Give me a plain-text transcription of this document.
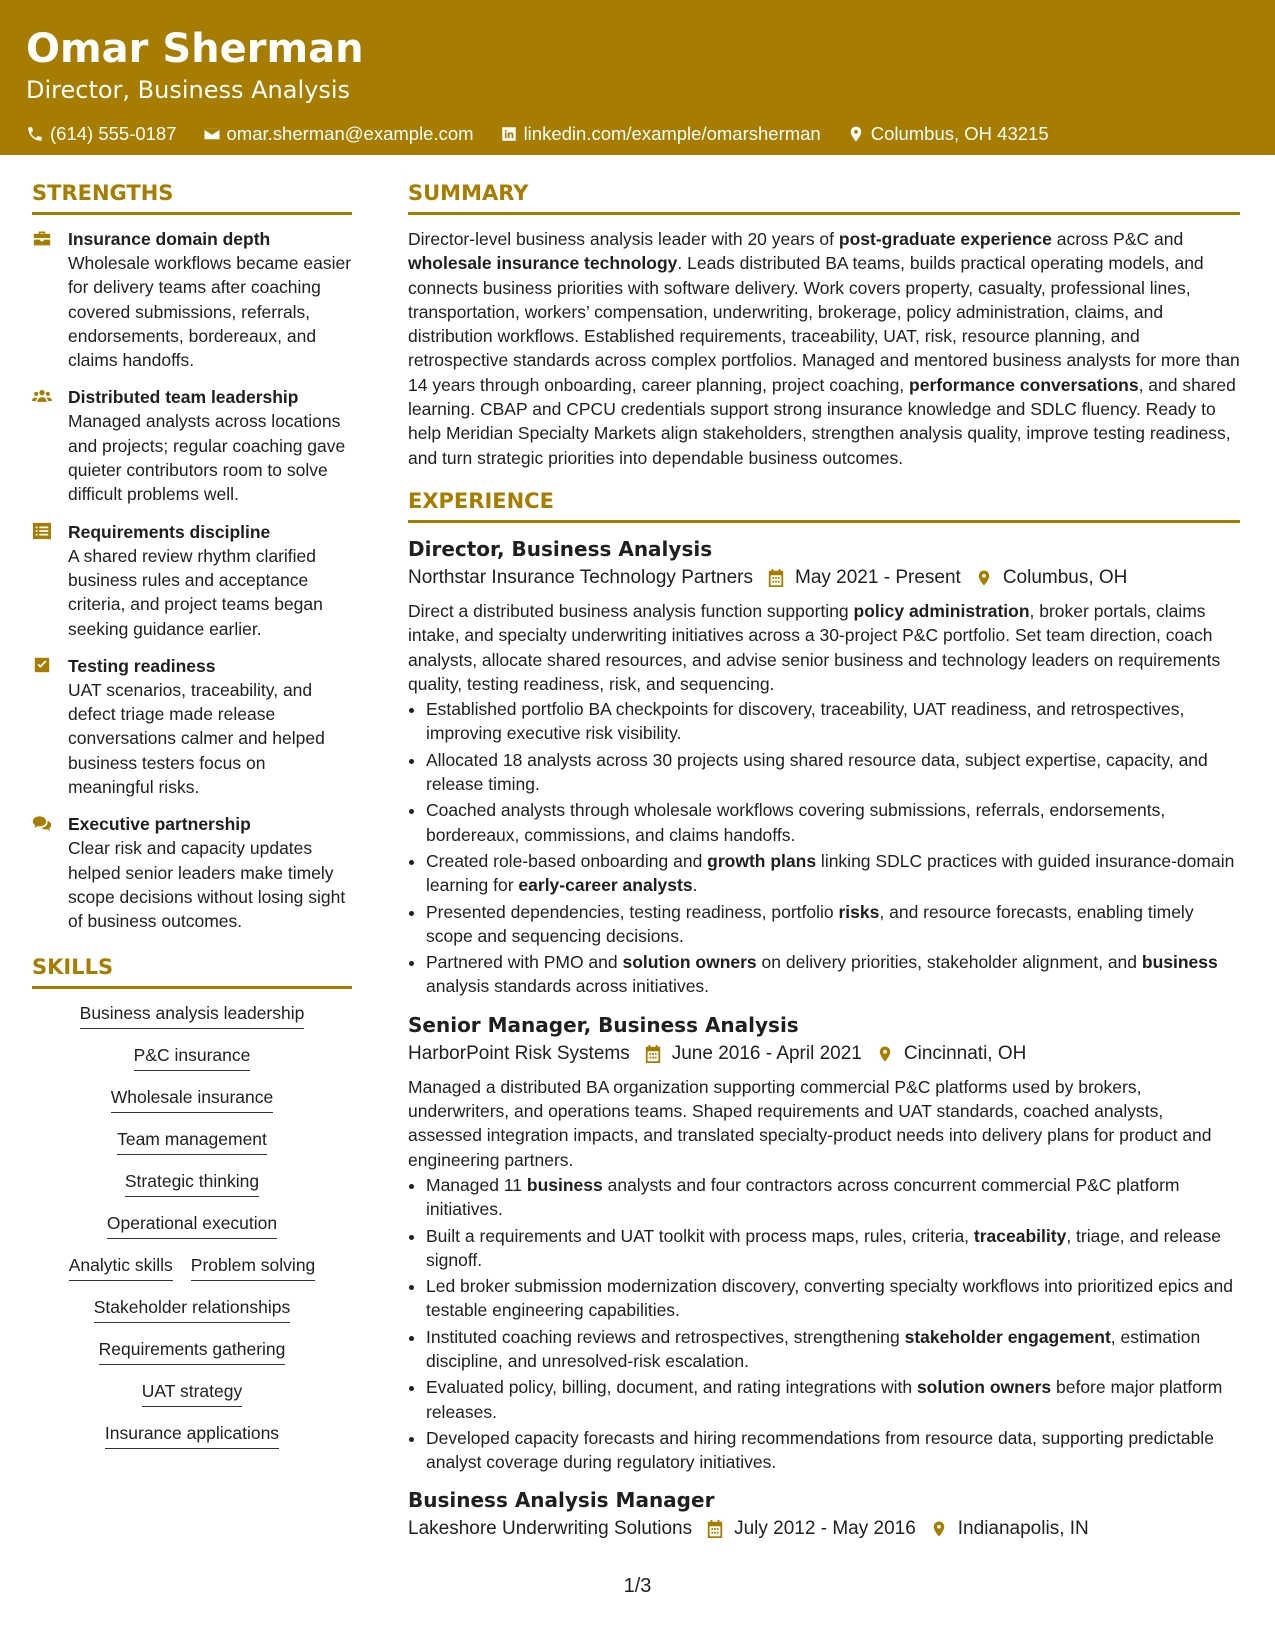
Omar Sherman
Director, Business Analysis
(614) 555-0187	omar.sherman@example.com	linkedin.com/example/omarsherman	Columbus, OH 43215
STRENGTHS
Insurance domain depth
Wholesale workflows became easier for delivery teams after coaching covered submissions, referrals, endorsements, bordereaux, and claims handoffs.
Distributed team leadership
Managed analysts across locations and projects; regular coaching gave quieter contributors room to solve difficult problems well.
Requirements discipline
A shared review rhythm clarified business rules and acceptance criteria, and project teams began seeking guidance earlier.
Testing readiness
UAT scenarios, traceability, and defect triage made release conversations calmer and helped business testers focus on meaningful risks.
Executive partnership
Clear risk and capacity updates helped senior leaders make timely scope decisions without losing sight of business outcomes.
SKILLS
Business analysis leadership
P&C insurance
Wholesale insurance
Team management
Strategic thinking
Operational execution
Analytic skills Problem solving
Stakeholder relationships
Requirements gathering
UAT strategy
Insurance applications
SUMMARY
Director-level business analysis leader with 20 years of post-graduate experience across P&C and wholesale insurance technology. Leads distributed BA teams, builds practical operating models, and connects business priorities with software delivery. Work covers property, casualty, professional lines, transportation, workers’ compensation, underwriting, brokerage, policy administration, claims, and distribution workflows. Established requirements, traceability, UAT, risk, resource planning, and retrospective standards across complex portfolios. Managed and mentored business analysts for more than 14 years through onboarding, career planning, project coaching, performance conversations, and shared learning. CBAP and CPCU credentials support strong insurance knowledge and SDLC fluency. Ready to help Meridian Specialty Markets align stakeholders, strengthen analysis quality, improve testing readiness, and turn strategic priorities into dependable business outcomes.
EXPERIENCE
Director, Business Analysis
Northstar Insurance Technology Partners May 2021 - Present Columbus, OH
Direct a distributed business analysis function supporting policy administration, broker portals, claims intake, and specialty underwriting initiatives across a 30-project P&C portfolio. Set team direction, coach analysts, allocate shared resources, and advise senior business and technology leaders on requirements quality, testing readiness, risk, and sequencing.
• Established portfolio BA checkpoints for discovery, traceability, UAT readiness, and retrospectives, improving executive risk visibility.
• Allocated 18 analysts across 30 projects using shared resource data, subject expertise, capacity, and release timing.
• Coached analysts through wholesale workflows covering submissions, referrals, endorsements, bordereaux, commissions, and claims handoffs.
• Created role-based onboarding and growth plans linking SDLC practices with guided insurance-domain learning for early-career analysts.
• Presented dependencies, testing readiness, portfolio risks, and resource forecasts, enabling timely scope and sequencing decisions.
• Partnered with PMO and solution owners on delivery priorities, stakeholder alignment, and business analysis standards across initiatives.
Senior Manager, Business Analysis
HarborPoint Risk Systems June 2016 - April 2021 Cincinnati, OH
Managed a distributed BA organization supporting commercial P&C platforms used by brokers, underwriters, and operations teams. Shaped requirements and UAT standards, coached analysts, assessed integration impacts, and translated specialty-product needs into delivery plans for product and engineering partners.
• Managed 11 business analysts and four contractors across concurrent commercial P&C platform initiatives.
• Built a requirements and UAT toolkit with process maps, rules, criteria, traceability, triage, and release signoff.
• Led broker submission modernization discovery, converting specialty workflows into prioritized epics and testable engineering capabilities.
• Instituted coaching reviews and retrospectives, strengthening stakeholder engagement, estimation discipline, and unresolved-risk escalation.
• Evaluated policy, billing, document, and rating integrations with solution owners before major platform releases.
• Developed capacity forecasts and hiring recommendations from resource data, supporting predictable analyst coverage during regulatory initiatives.
Business Analysis Manager
Lakeshore Underwriting Solutions July 2012 - May 2016 Indianapolis, IN
1/3
